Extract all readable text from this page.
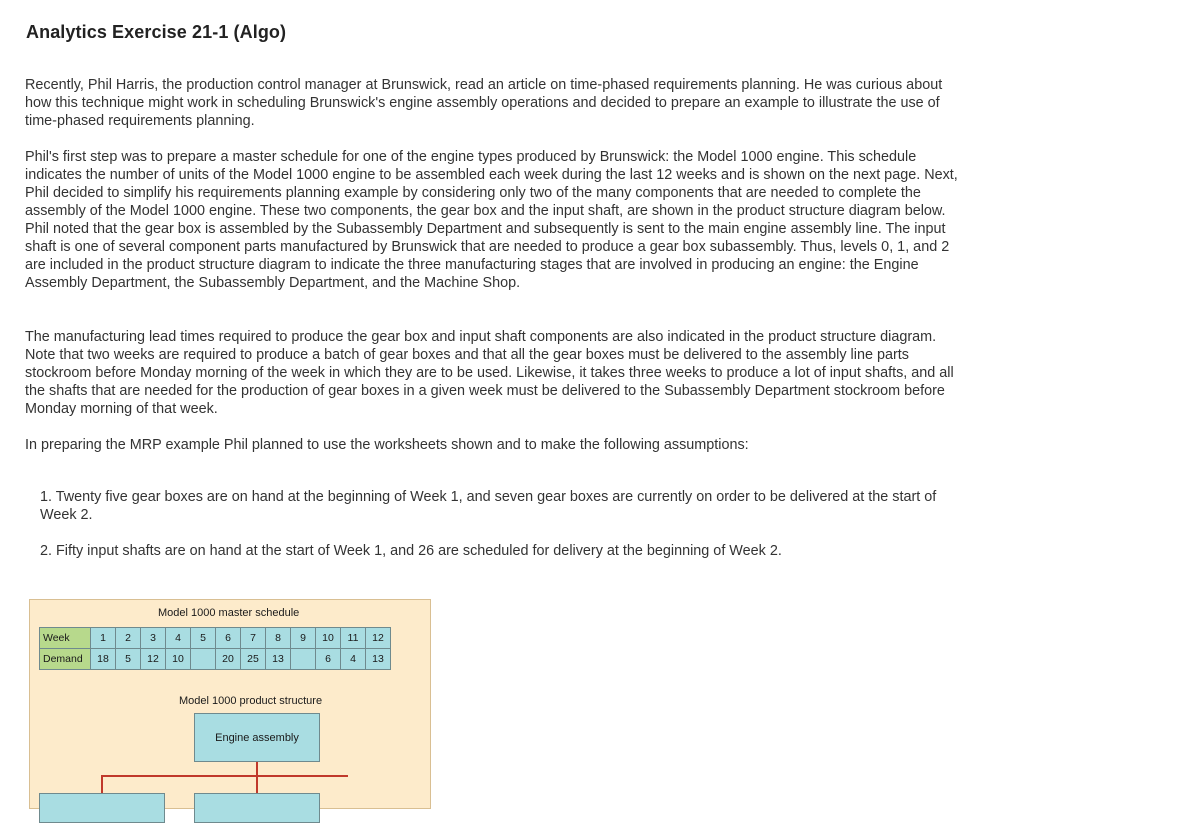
Analytics Exercise 21-1 (Algo)

Recently, Phil Harris, the production control manager at Brunswick, read an article on time-phased requirements planning. He was curious about how this technique might work in scheduling Brunswick's engine assembly operations and decided to prepare an example to illustrate the use of time-phased requirements planning.

Phil's first step was to prepare a master schedule for one of the engine types produced by Brunswick: the Model 1000 engine. This schedule indicates the number of units of the Model 1000 engine to be assembled each week during the last 12 weeks and is shown on the next page. Next, Phil decided to simplify his requirements planning example by considering only two of the many components that are needed to complete the assembly of the Model 1000 engine. These two components, the gear box and the input shaft, are shown in the product structure diagram below. Phil noted that the gear box is assembled by the Subassembly Department and subsequently is sent to the main engine assembly line. The input shaft is one of several component parts manufactured by Brunswick that are needed to produce a gear box subassembly. Thus, levels 0, 1, and 2 are included in the product structure diagram to indicate the three manufacturing stages that are involved in producing an engine: the Engine Assembly Department, the Subassembly Department, and the Machine Shop.

The manufacturing lead times required to produce the gear box and input shaft components are also indicated in the product structure diagram. Note that two weeks are required to produce a batch of gear boxes and that all the gear boxes must be delivered to the assembly line parts stockroom before Monday morning of the week in which they are to be used. Likewise, it takes three weeks to produce a lot of input shafts, and all the shafts that are needed for the production of gear boxes in a given week must be delivered to the Subassembly Department stockroom before Monday morning of that week.

In preparing the MRP example Phil planned to use the worksheets shown and to make the following assumptions:

1. Twenty five gear boxes are on hand at the beginning of Week 1, and seven gear boxes are currently on order to be delivered at the start of Week 2.

2. Fifty input shafts are on hand at the start of Week 1, and 26 are scheduled for delivery at the beginning of Week 2.

Model 1000 master schedule
Week	1	2	3	4	5	6	7	8	9	10	11	12
Demand	18	5	12	10		20	25	13		6	4	13
Model 1000 product structure
Engine assembly
